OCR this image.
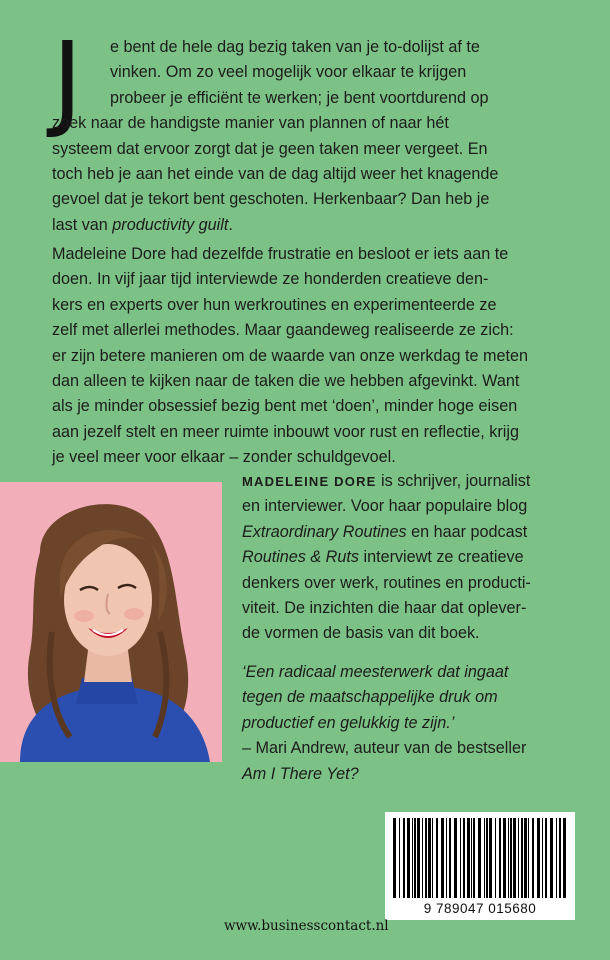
J	e bent de hele dag bezig taken van je to-dolijst af te
vinken. Om zo veel mogelijk voor elkaar te krijgen
probeer je efficiënt te werken; je bent voortdurend op
zoek naar de handigste manier van plannen of naar hét
systeem dat ervoor zorgt dat je geen taken meer vergeet. En
toch heb je aan het einde van de dag altijd weer het knagende
gevoel dat je tekort bent geschoten. Herkenbaar? Dan heb je
last van productivity guilt.

Madeleine Dore had dezelfde frustratie en besloot er iets aan te
doen. In vijf jaar tijd interviewde ze honderden creatieve den-
kers en experts over hun werkroutines en experimenteerde ze
zelf met allerlei methodes. Maar gaandeweg realiseerde ze zich:
er zijn betere manieren om de waarde van onze werkdag te meten
dan alleen te kijken naar de taken die we hebben afgevinkt. Want
als je minder obsessief bezig bent met ‘doen’, minder hoge eisen
aan jezelf stelt en meer ruimte inbouwt voor rust en reflectie, krijg
je veel meer voor elkaar – zonder schuldgevoel.

MADELEINE DORE is schrijver, journalist
en interviewer. Voor haar populaire blog
Extraordinary Routines en haar podcast
Routines & Ruts interviewt ze creatieve
denkers over werk, routines en producti-
viteit. De inzichten die haar dat oplever-
de vormen de basis van dit boek.

‘Een radicaal meesterwerk dat ingaat
tegen de maatschappelijke druk om
productief en gelukkig te zijn.’
– Mari Andrew, auteur van de bestseller
Am I There Yet?

9 789047 015680
www.businesscontact.nl
